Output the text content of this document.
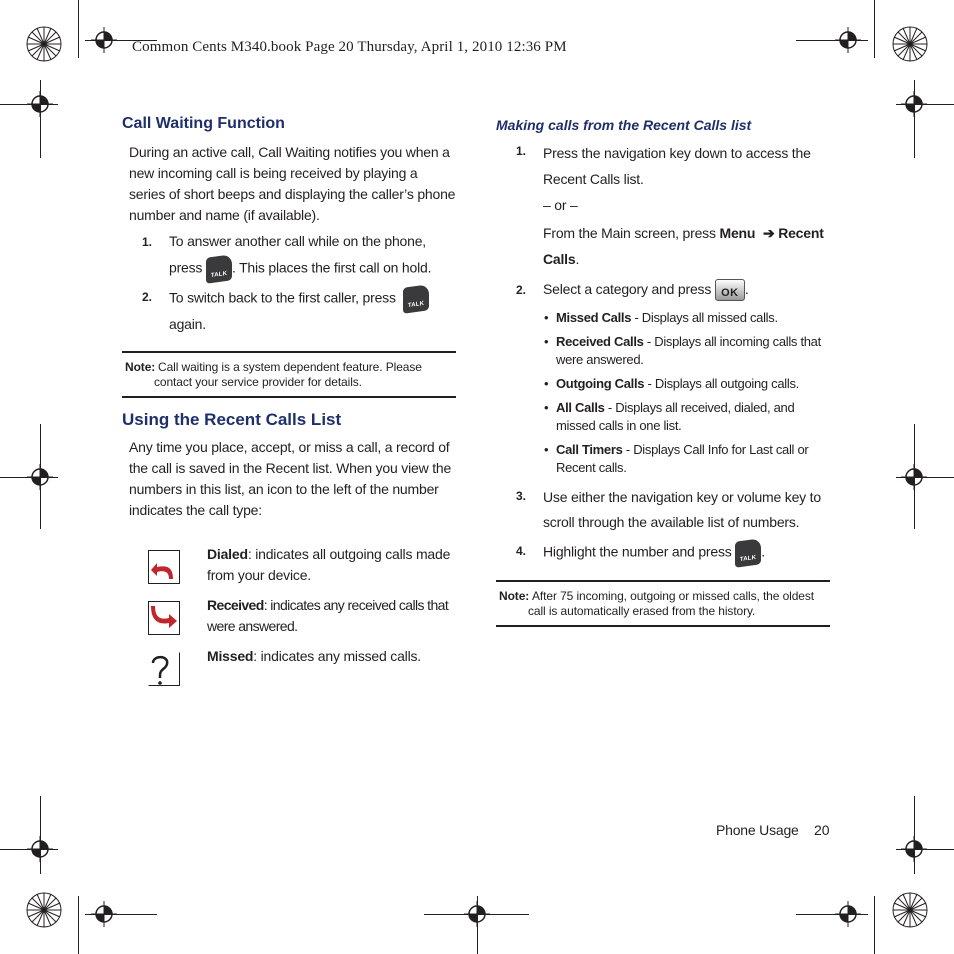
Common Cents M340.book Page 20 Thursday, April 1, 2010 12:36 PM
Call Waiting Function
During an active call, Call Waiting notifies you when a new incoming call is being received by playing a series of short beeps and displaying the caller’s phone number and name (if available).
1. To answer another call while on the phone,
press	TALK . This places the first call on hold.
2. To switch back to the first caller, press	TALK
again.
Note: Call waiting is a system dependent feature. Please
contact your service provider for details.
Using the Recent Calls List
Any time you place, accept, or miss a call, a record of the call is saved in the Recent list. When you view the numbers in this list, an icon to the left of the number indicates the call type:
Dialed: indicates all outgoing calls made from your device.
Received: indicates any received calls that were answered.
Missed: indicates any missed calls.
Making calls from the Recent Calls list
1. Press the navigation key down to access the
Recent Calls list.
– or –
From the Main screen, press Menu ➔ Recent
Calls.
2. Select a category and press OK .
• Missed Calls - Displays all missed calls.
• Received Calls - Displays all incoming calls that were answered.
• Outgoing Calls - Displays all outgoing calls.
• All Calls - Displays all received, dialed, and missed calls in one list.
• Call Timers - Displays Call Info for Last call or Recent calls.
3. Use either the navigation key or volume key to
scroll through the available list of numbers.
4. Highlight the number and press	TALK .
Note: After 75 incoming, outgoing or missed calls, the oldest
call is automatically erased from the history.
Phone Usage 20
